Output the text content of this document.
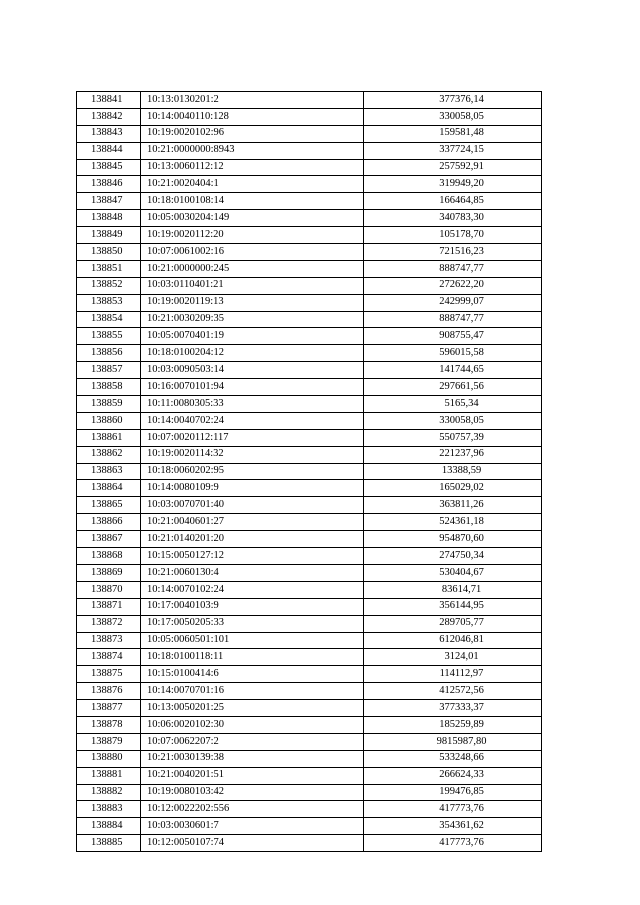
138841	10:13:0130201:2	377376,14
138842	10:14:0040110:128	330058,05
138843	10:19:0020102:96	159581,48
138844	10:21:0000000:8943	337724,15
138845	10:13:0060112:12	257592,91
138846	10:21:0020404:1	319949,20
138847	10:18:0100108:14	166464,85
138848	10:05:0030204:149	340783,30
138849	10:19:0020112:20	105178,70
138850	10:07:0061002:16	721516,23
138851	10:21:0000000:245	888747,77
138852	10:03:0110401:21	272622,20
138853	10:19:0020119:13	242999,07
138854	10:21:0030209:35	888747,77
138855	10:05:0070401:19	908755,47
138856	10:18:0100204:12	596015,58
138857	10:03:0090503:14	141744,65
138858	10:16:0070101:94	297661,56
138859	10:11:0080305:33	5165,34
138860	10:14:0040702:24	330058,05
138861	10:07:0020112:117	550757,39
138862	10:19:0020114:32	221237,96
138863	10:18:0060202:95	13388,59
138864	10:14:0080109:9	165029,02
138865	10:03:0070701:40	363811,26
138866	10:21:0040601:27	524361,18
138867	10:21:0140201:20	954870,60
138868	10:15:0050127:12	274750,34
138869	10:21:0060130:4	530404,67
138870	10:14:0070102:24	83614,71
138871	10:17:0040103:9	356144,95
138872	10:17:0050205:33	289705,77
138873	10:05:0060501:101	612046,81
138874	10:18:0100118:11	3124,01
138875	10:15:0100414:6	114112,97
138876	10:14:0070701:16	412572,56
138877	10:13:0050201:25	377333,37
138878	10:06:0020102:30	185259,89
138879	10:07:0062207:2	9815987,80
138880	10:21:0030139:38	533248,66
138881	10:21:0040201:51	266624,33
138882	10:19:0080103:42	199476,85
138883	10:12:0022202:556	417773,76
138884	10:03:0030601:7	354361,62
138885	10:12:0050107:74	417773,76
